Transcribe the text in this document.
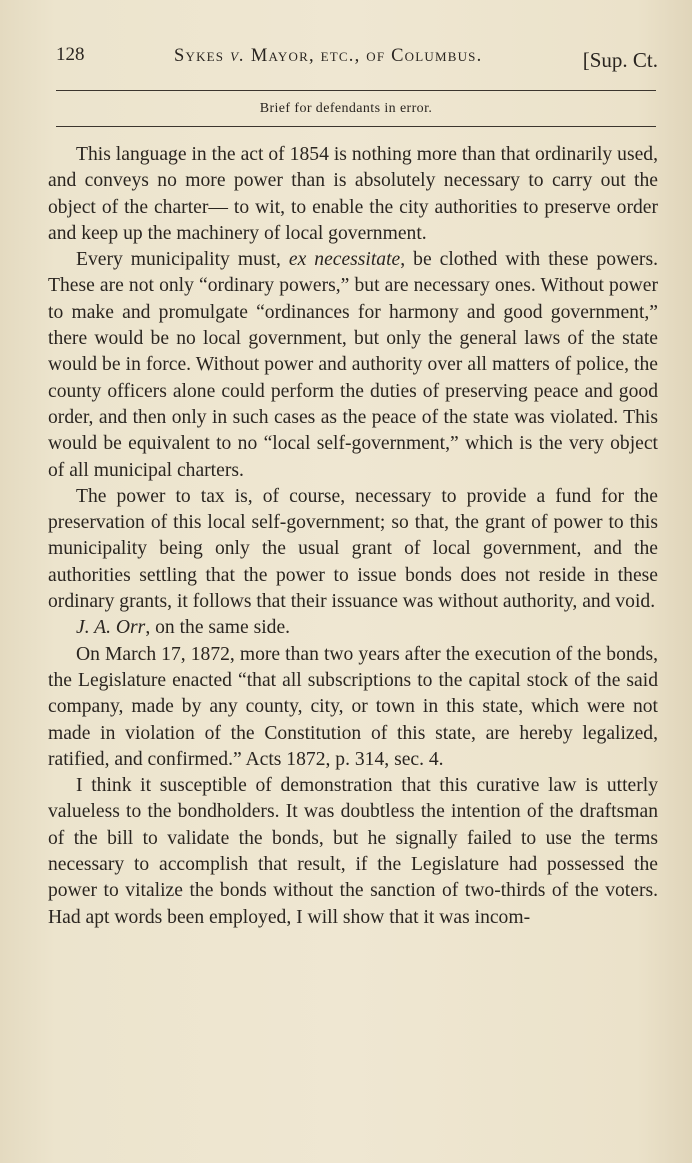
128	Sykes v. Mayor, etc., of Columbus.	[Sup. Ct.
Brief for defendants in error.

This language in the act of 1854 is nothing more than that ordinarily used, and conveys no more power than is absolutely necessary to carry out the object of the charter— to wit, to enable the city authorities to preserve order and keep up the machinery of local government.

Every municipality must, ex necessitate, be clothed with these powers. These are not only “ordinary powers,” but are necessary ones. Without power to make and promulgate “ordinances for harmony and good government,” there would be no local government, but only the general laws of the state would be in force. Without power and authority over all matters of police, the county officers alone could perform the duties of preserving peace and good order, and then only in such cases as the peace of the state was violated. This would be equivalent to no “local self-government,” which is the very object of all municipal charters.

The power to tax is, of course, necessary to provide a fund for the preservation of this local self-government; so that, the grant of power to this municipality being only the usual grant of local government, and the authorities settling that the power to issue bonds does not reside in these ordinary grants, it follows that their issuance was without authority, and void.

J. A. Orr, on the same side.

On March 17, 1872, more than two years after the execution of the bonds, the Legislature enacted “that all subscriptions to the capital stock of the said company, made by any county, city, or town in this state, which were not made in violation of the Constitution of this state, are hereby legalized, ratified, and confirmed.” Acts 1872, p. 314, sec. 4.

I think it susceptible of demonstration that this curative law is utterly valueless to the bondholders. It was doubtless the intention of the draftsman of the bill to validate the bonds, but he signally failed to use the terms necessary to accomplish that result, if the Legislature had possessed the power to vitalize the bonds without the sanction of two-thirds of the voters. Had apt words been employed, I will show that it was incom-
